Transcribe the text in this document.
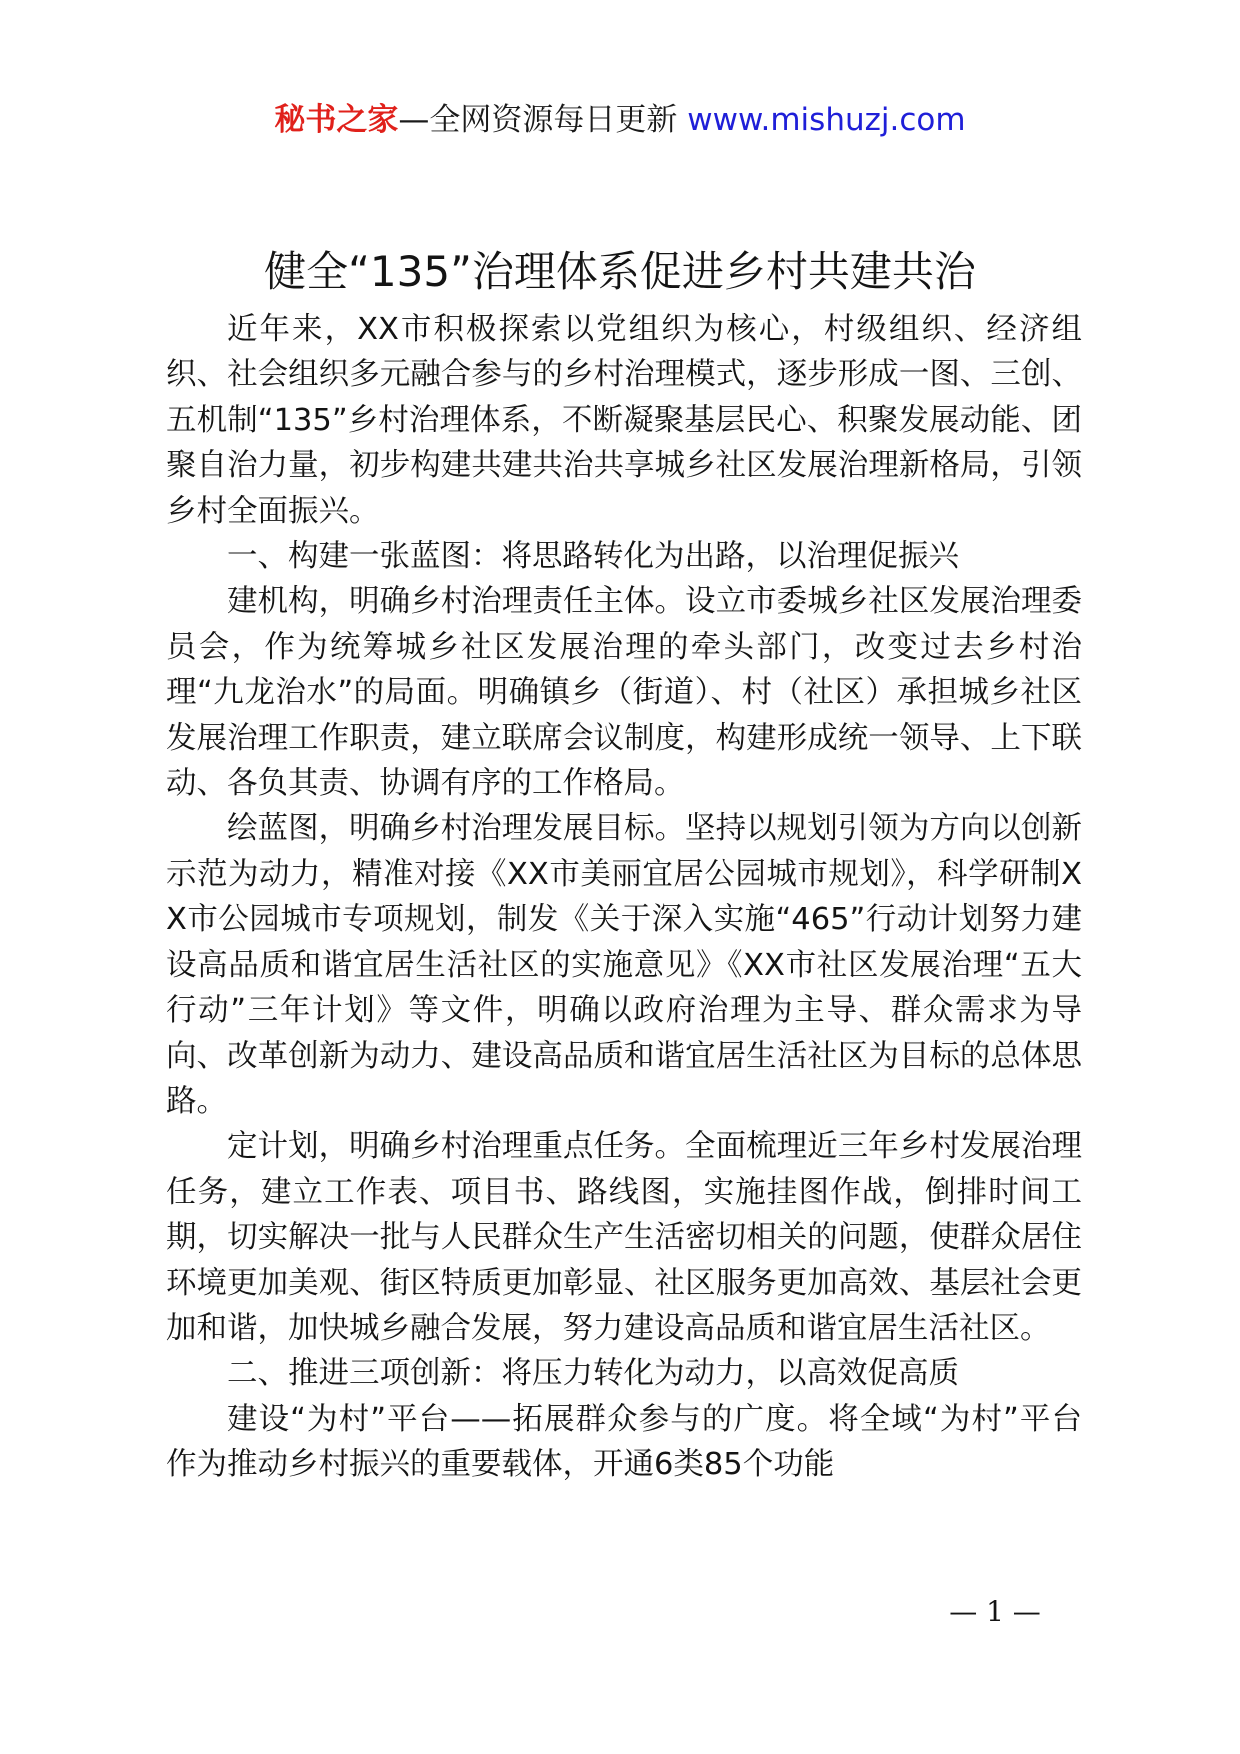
秘书之家—全网资源每日更新 www.mishuzj.com
健全“135”治理体系促进乡村共建共治

近年来，XX市积极探索以党组织为核心，村级组织、经济组织、社会组织多元融合参与的乡村治理模式，逐步形成一图、三创、五机制“135”乡村治理体系，不断凝聚基层民心、积聚发展动能、团聚自治力量，初步构建共建共治共享城乡社区发展治理新格局，引领乡村全面振兴。

一、构建一张蓝图：将思路转化为出路，以治理促振兴

建机构，明确乡村治理责任主体。设立市委城乡社区发展治理委员会，作为统筹城乡社区发展治理的牵头部门，改变过去乡村治理“九龙治水”的局面。明确镇乡（街道）、村（社区）承担城乡社区发展治理工作职责，建立联席会议制度，构建形成统一领导、上下联动、各负其责、协调有序的工作格局。

绘蓝图，明确乡村治理发展目标。坚持以规划引领为方向以创新示范为动力，精准对接《XX市美丽宜居公园城市规划》，科学研制XX市公园城市专项规划，制发《关于深入实施“465”行动计划努力建设高品质和谐宜居生活社区的实施意见》《XX市社区发展治理“五大行动”三年计划》等文件，明确以政府治理为主导、群众需求为导向、改革创新为动力、建设高品质和谐宜居生活社区为目标的总体思路。

定计划，明确乡村治理重点任务。全面梳理近三年乡村发展治理任务，建立工作表、项目书、路线图，实施挂图作战，倒排时间工期，切实解决一批与人民群众生产生活密切相关的问题，使群众居住环境更加美观、街区特质更加彰显、社区服务更加高效、基层社会更加和谐，加快城乡融合发展，努力建设高品质和谐宜居生活社区。

二、推进三项创新：将压力转化为动力，以高效促高质

建设“为村”平台——拓展群众参与的广度。将全域“为村”平台作为推动乡村振兴的重要载体，开通6类85个功能

— 1 —
